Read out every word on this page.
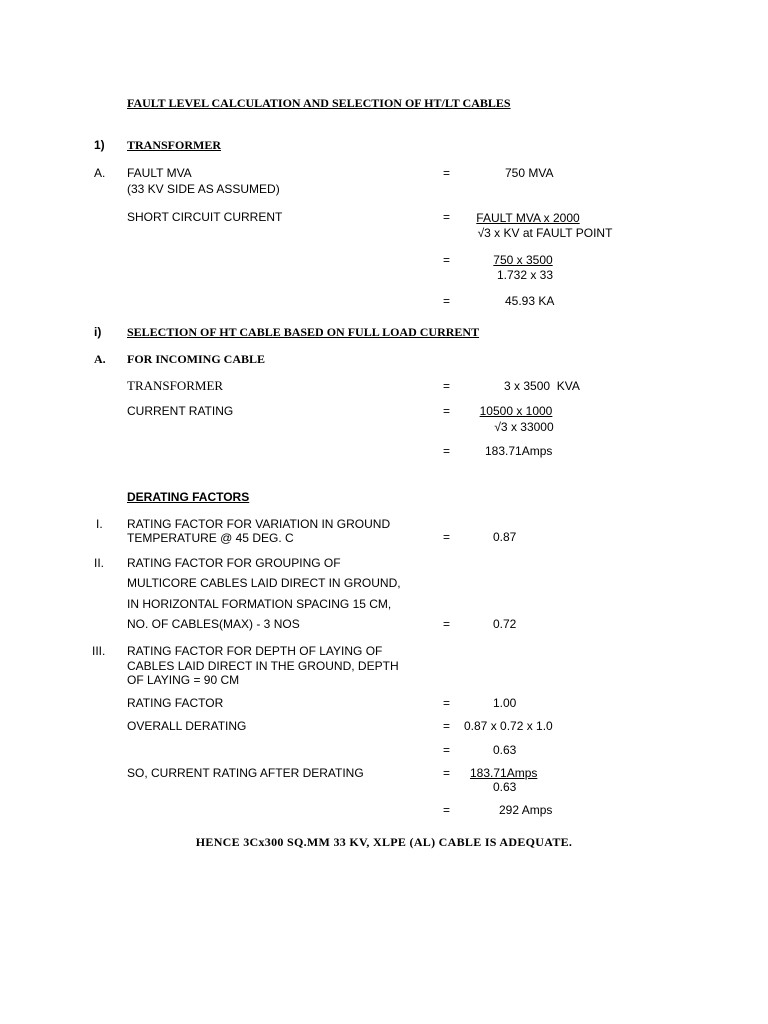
FAULT LEVEL CALCULATION AND SELECTION OF HT/LT CABLES
1) TRANSFORMER
A. FAULT MVA
(33 KV SIDE AS ASSUMED)
=	750 MVA
SHORT CIRCUIT CURRENT	=	FAULT MVA x 2000
√3 x KV at FAULT POINT
=	750 x 3500
1.732 x 33
=	45.93 KA
i) SELECTION OF HT CABLE BASED ON FULL LOAD CURRENT
A. FOR INCOMING CABLE
TRANSFORMER	=	3 x 3500  KVA
CURRENT RATING	=	10500 x 1000
√3 x 33000
=	183.71Amps
DERATING FACTORS
I. RATING FACTOR FOR VARIATION IN GROUND
TEMPERATURE @ 45 DEG. C	=	0.87
II. RATING FACTOR FOR GROUPING OF
MULTICORE CABLES LAID DIRECT IN GROUND,
IN HORIZONTAL FORMATION SPACING 15 CM,
NO. OF CABLES(MAX) - 3 NOS	=	0.72
III. RATING FACTOR FOR DEPTH OF LAYING OF
CABLES LAID DIRECT IN THE GROUND, DEPTH
OF LAYING = 90 CM
RATING FACTOR	=	1.00
OVERALL DERATING	= 0.87 x 0.72 x 1.0
=	0.63
SO, CURRENT RATING AFTER DERATING	= 183.71Amps
0.63
=	292 Amps
HENCE 3Cx300 SQ.MM 33 KV, XLPE (AL) CABLE IS ADEQUATE.
